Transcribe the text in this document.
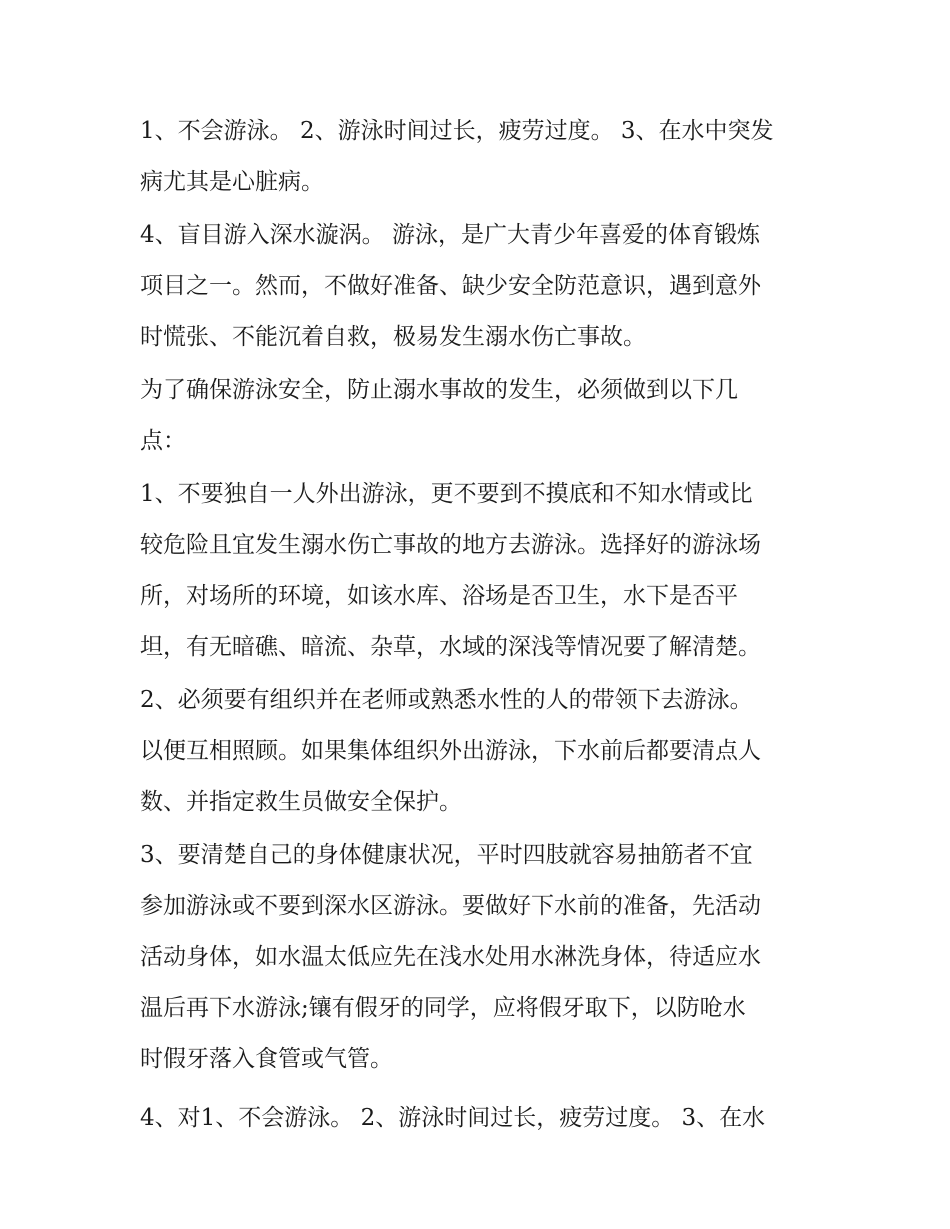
1、不会游泳。 2、游泳时间过长，疲劳过度。 3、在水中突发
病尤其是心脏病。

4、盲目游入深水漩涡。 游泳，是广大青少年喜爱的体育锻炼
项目之一。然而，不做好准备、缺少安全防范意识，遇到意外
时慌张、不能沉着自救，极易发生溺水伤亡事故。

为了确保游泳安全，防止溺水事故的发生，必须做到以下几
点：

1、不要独自一人外出游泳，更不要到不摸底和不知水情或比
较危险且宜发生溺水伤亡事故的地方去游泳。选择好的游泳场
所，对场所的环境，如该水库、浴场是否卫生，水下是否平
坦，有无暗礁、暗流、杂草，水域的深浅等情况要了解清楚。

2、必须要有组织并在老师或熟悉水性的人的带领下去游泳。
以便互相照顾。如果集体组织外出游泳，下水前后都要清点人
数、并指定救生员做安全保护。

3、要清楚自己的身体健康状况，平时四肢就容易抽筋者不宜
参加游泳或不要到深水区游泳。要做好下水前的准备，先活动
活动身体，如水温太低应先在浅水处用水淋洗身体，待适应水
温后再下水游泳;镶有假牙的同学，应将假牙取下，以防呛水
时假牙落入食管或气管。

4、对1、不会游泳。 2、游泳时间过长，疲劳过度。 3、在水
